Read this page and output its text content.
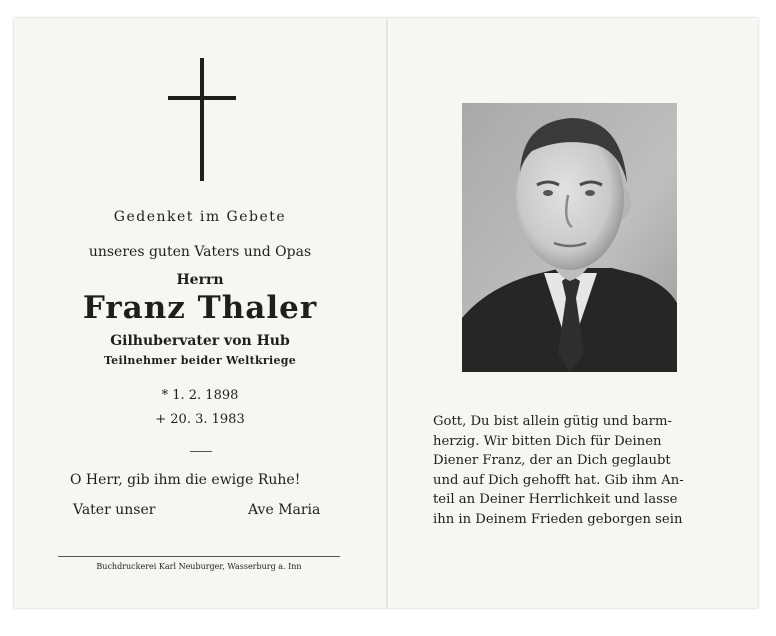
Gedenket im Gebete
unseres guten Vaters und Opas
Herrn
Franz Thaler
Gilhubervater von Hub
Teilnehmer beider Weltkriege
* 1. 2. 1898
+ 20. 3. 1983
O Herr, gib ihm die ewige Ruhe!
Vater unser	Ave Maria
Buchdruckerei Karl Neuburger, Wasserburg a. Inn
Gott, Du bist allein gütig und barm-
herzig. Wir bitten Dich für Deinen
Diener Franz, der an Dich geglaubt
und auf Dich gehofft hat. Gib ihm An-
teil an Deiner Herrlichkeit und lasse
ihn in Deinem Frieden geborgen sein
